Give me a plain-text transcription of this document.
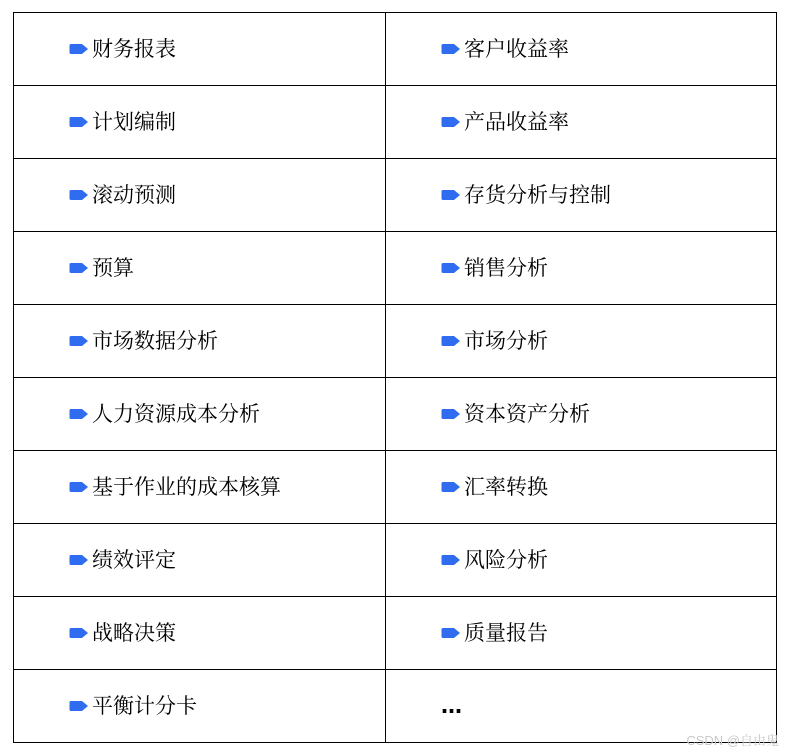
财务报表	客户收益率

计划编制	产品收益率

滚动预测	存货分析与控制

预算	销售分析

市场数据分析	市场分析

人力资源成本分析	资本资产分析

基于作业的成本核算	汇率转换

绩效评定	风险分析

战略决策	质量报告

平衡计分卡	…
CSDN @自由鬼
